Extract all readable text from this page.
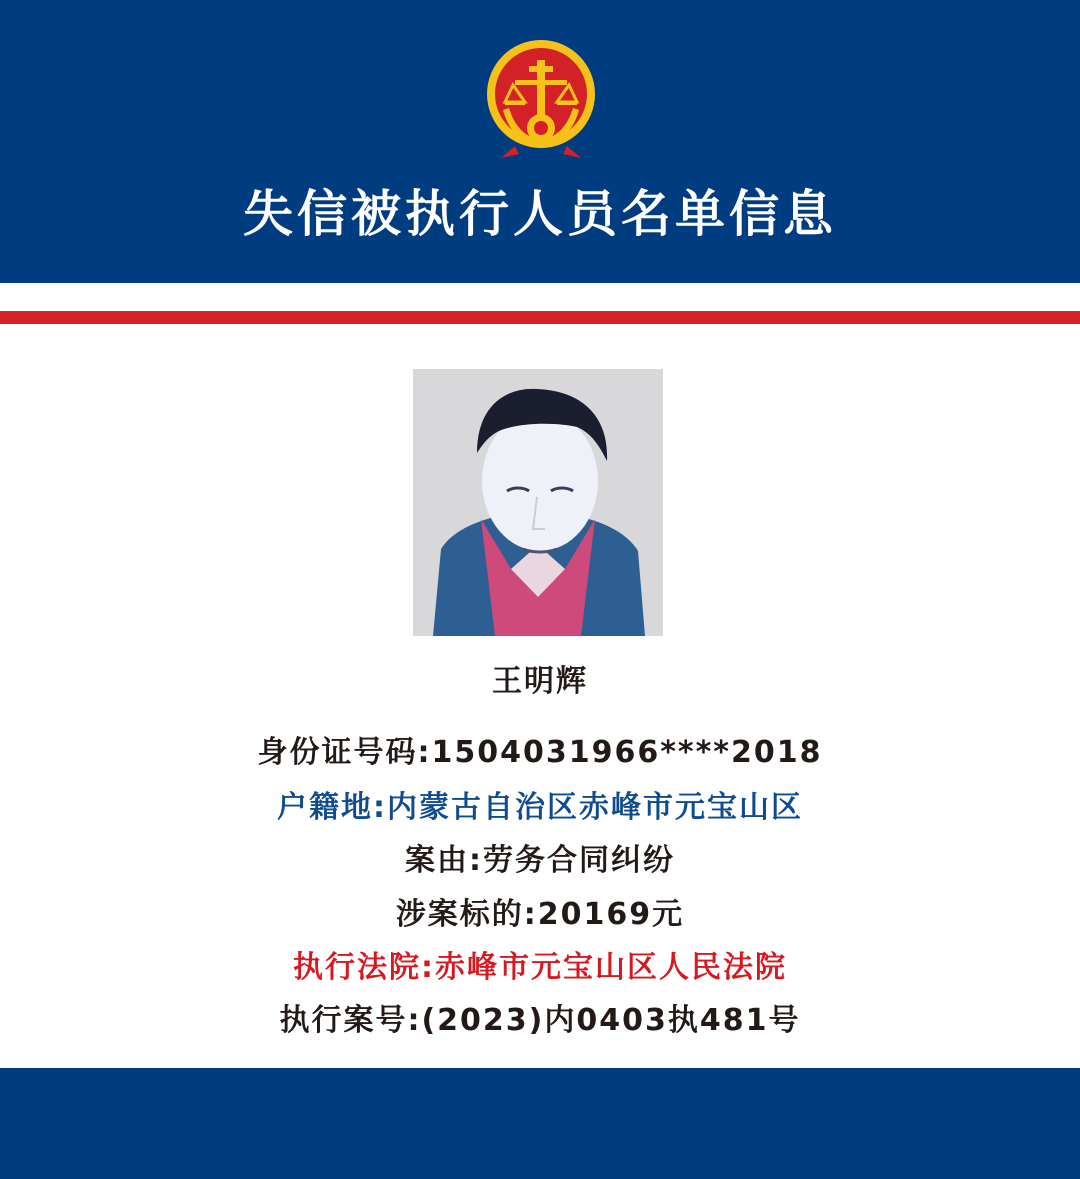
失信被执行人员名单信息
王明辉
身份证号码:1504031966****2018
户籍地:内蒙古自治区赤峰市元宝山区
案由:劳务合同纠纷
涉案标的:20169元
执行法院:赤峰市元宝山区人民法院
执行案号:(2023)内0403执481号
